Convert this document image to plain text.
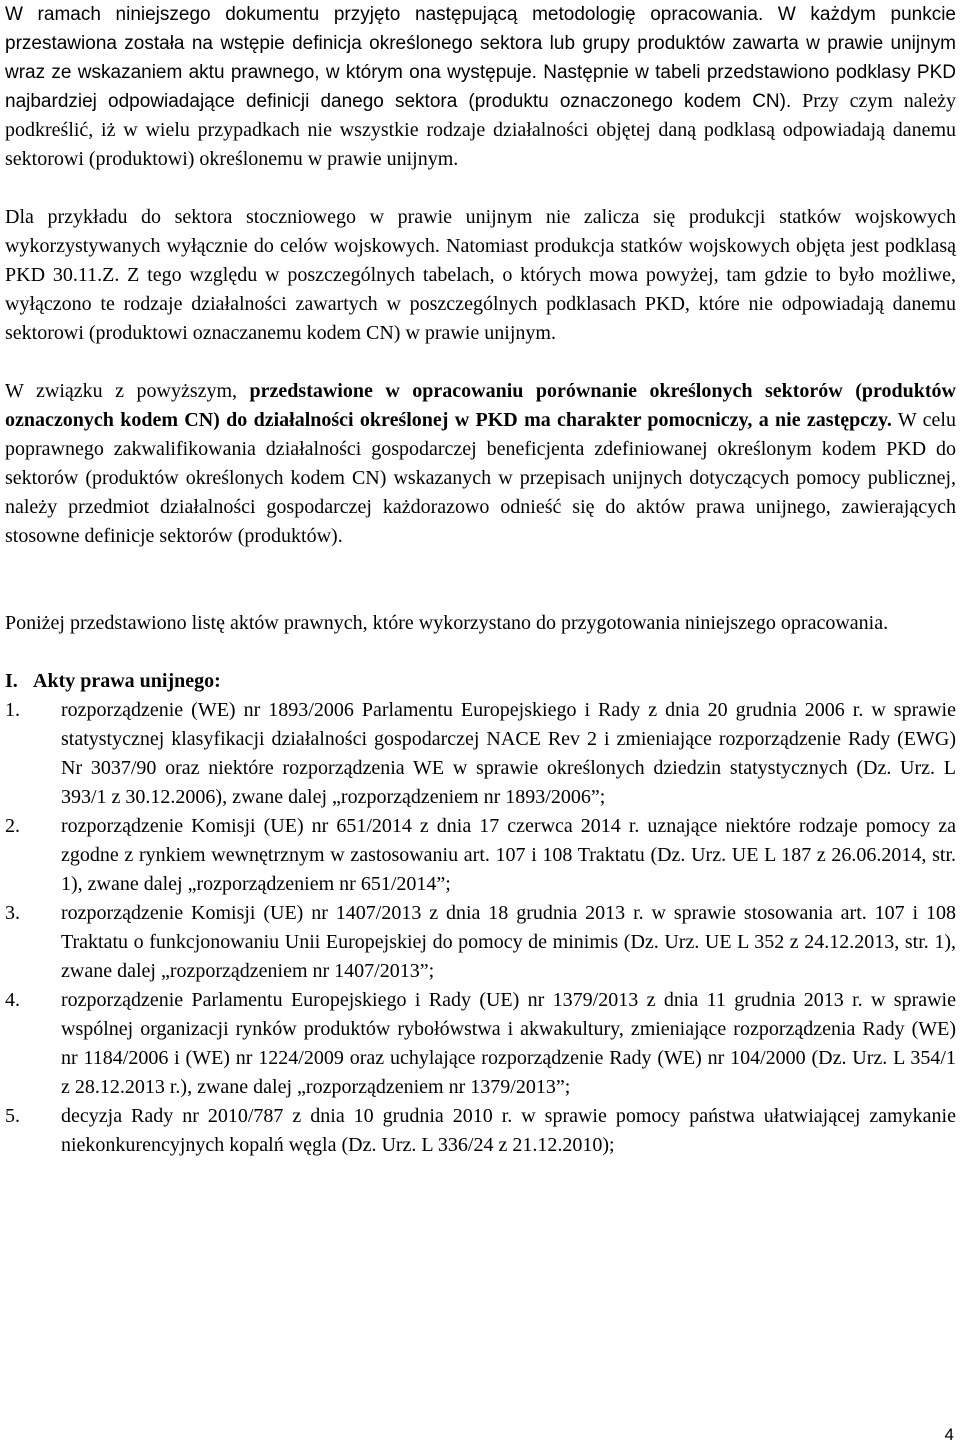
W ramach niniejszego dokumentu przyjęto następującą metodologię opracowania. W każdym punkcie przestawiona została na wstępie definicja określonego sektora lub grupy produktów zawarta w prawie unijnym wraz ze wskazaniem aktu prawnego, w którym ona występuje. Następnie w tabeli przedstawiono podklasy PKD najbardziej odpowiadające definicji danego sektora (produktu oznaczonego kodem CN). Przy czym należy podkreślić, iż w wielu przypadkach nie wszystkie rodzaje działalności objętej daną podklasą odpowiadają danemu sektorowi (produktowi) określonemu w prawie unijnym.

Dla przykładu do sektora stoczniowego w prawie unijnym nie zalicza się produkcji statków wojskowych wykorzystywanych wyłącznie do celów wojskowych. Natomiast produkcja statków wojskowych objęta jest podklasą PKD 30.11.Z. Z tego względu w poszczególnych tabelach, o których mowa powyżej, tam gdzie to było możliwe, wyłączono te rodzaje działalności zawartych w poszczególnych podklasach PKD, które nie odpowiadają danemu sektorowi (produktowi oznaczanemu kodem CN) w prawie unijnym.

W związku z powyższym, przedstawione w opracowaniu porównanie określonych sektorów (produktów oznaczonych kodem CN) do działalności określonej w PKD ma charakter pomocniczy, a nie zastępczy. W celu poprawnego zakwalifikowania działalności gospodarczej beneficjenta zdefiniowanej określonym kodem PKD do sektorów (produktów określonych kodem CN) wskazanych w przepisach unijnych dotyczących pomocy publicznej, należy przedmiot działalności gospodarczej każdorazowo odnieść się do aktów prawa unijnego, zawierających stosowne definicje sektorów (produktów).

Poniżej przedstawiono listę aktów prawnych, które wykorzystano do przygotowania niniejszego opracowania.

I. Akty prawa unijnego:
1.	rozporządzenie (WE) nr 1893/2006 Parlamentu Europejskiego i Rady z dnia 20 grudnia 2006 r. w sprawie statystycznej klasyfikacji działalności gospodarczej NACE Rev 2 i zmieniające rozporządzenie Rady (EWG) Nr 3037/90 oraz niektóre rozporządzenia WE w sprawie określonych dziedzin statystycznych (Dz. Urz. L 393/1 z 30.12.2006), zwane dalej „rozporządzeniem nr 1893/2006”;
2.	rozporządzenie Komisji (UE) nr 651/2014 z dnia 17 czerwca 2014 r. uznające niektóre rodzaje pomocy za zgodne z rynkiem wewnętrznym w zastosowaniu art. 107 i 108 Traktatu (Dz. Urz. UE L 187 z 26.06.2014, str. 1), zwane dalej „rozporządzeniem nr 651/2014”;
3.	rozporządzenie Komisji (UE) nr 1407/2013 z dnia 18 grudnia 2013 r. w sprawie stosowania art. 107 i 108 Traktatu o funkcjonowaniu Unii Europejskiej do pomocy de minimis (Dz. Urz. UE L 352 z 24.12.2013, str. 1), zwane dalej „rozporządzeniem nr 1407/2013”;
4.	rozporządzenie Parlamentu Europejskiego i Rady (UE) nr 1379/2013 z dnia 11 grudnia 2013 r. w sprawie wspólnej organizacji rynków produktów rybołówstwa i akwakultury, zmieniające rozporządzenia Rady (WE) nr 1184/2006 i (WE) nr 1224/2009 oraz uchylające rozporządzenie Rady (WE) nr 104/2000 (Dz. Urz. L 354/1 z 28.12.2013 r.), zwane dalej „rozporządzeniem nr 1379/2013”;
5.	decyzja Rady nr 2010/787 z dnia 10 grudnia 2010 r. w sprawie pomocy państwa ułatwiającej zamykanie niekonkurencyjnych kopalń węgla (Dz. Urz. L 336/24 z 21.12.2010);
4
